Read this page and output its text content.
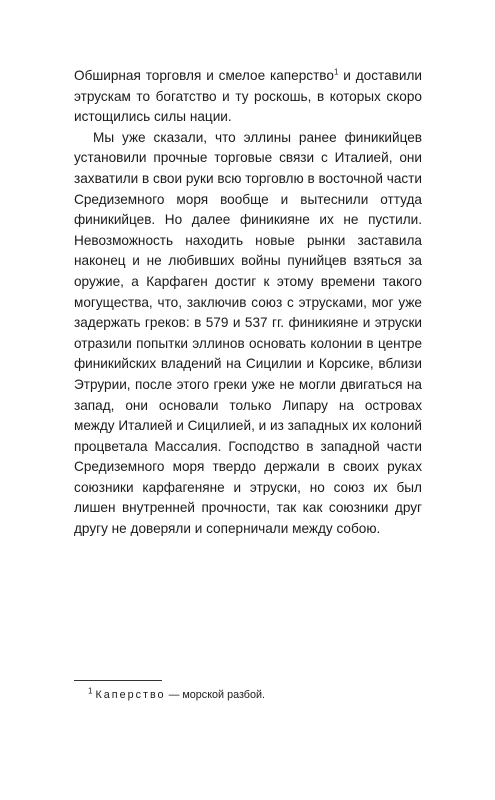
Обширная торговля и смелое каперство$^1$ и доставили этрускам то богатство и ту роскошь, в которых скоро истощились силы нации.

Мы уже сказали, что эллины ранее финикийцев установили прочные торговые связи с Италией, они захватили в свои руки всю торговлю в восточной части Средиземного моря вообще и вытеснили оттуда финикийцев. Но далее финикияне их не пустили. Невозможность находить новые рынки заставила наконец и не любивших войны пунийцев взяться за оружие, а Карфаген достиг к этому времени такого могущества, что, заключив союз с этрусками, мог уже задержать греков: в 579 и 537 гг. финикияне и этруски отразили попытки эллинов основать колонии в центре финикийских владений на Сицилии и Корсике, вблизи Этрурии, после этого греки уже не могли двигаться на запад, они основали только Липару на островах между Италией и Сицилией, и из западных их колоний процветала Массалия. Господство в западной части Средиземного моря твердо держали в своих руках союзники карфагеняне и этруски, но союз их был лишен внутренней прочности, так как союзники друг другу не доверяли и соперничали между собою.

$^1$ Каперство — морской разбой.
